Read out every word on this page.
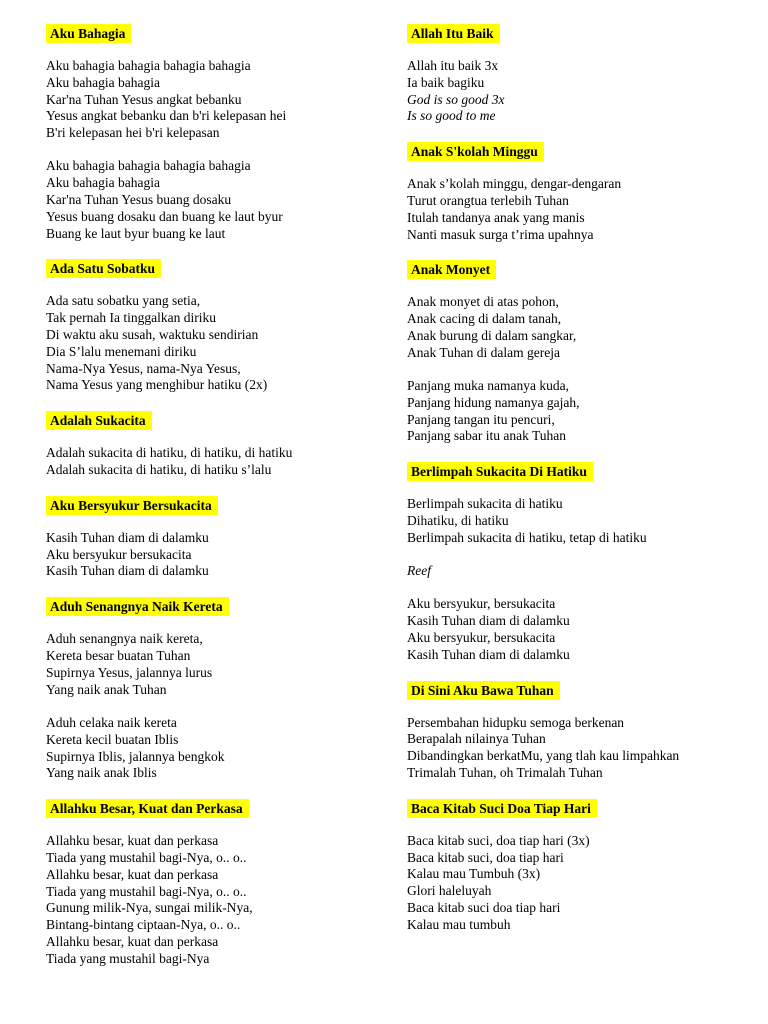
Aku Bahagia
Aku bahagia bahagia bahagia bahagia
Aku bahagia bahagia
Kar'na Tuhan Yesus angkat bebanku
Yesus angkat bebanku dan b'ri kelepasan hei
B'ri kelepasan hei b'ri kelepasan
Aku bahagia bahagia bahagia bahagia
Aku bahagia bahagia
Kar'na Tuhan Yesus buang dosaku
Yesus buang dosaku dan buang ke laut byur
Buang ke laut byur buang ke laut
Ada Satu Sobatku
Ada satu sobatku yang setia,
Tak pernah Ia tinggalkan diriku
Di waktu aku susah, waktuku sendirian
Dia S’lalu menemani diriku
Nama-Nya Yesus, nama-Nya Yesus,
Nama Yesus yang menghibur hatiku (2x)
Adalah Sukacita
Adalah sukacita di hatiku, di hatiku, di hatiku
Adalah sukacita di hatiku, di hatiku s’lalu
Aku Bersyukur Bersukacita
Kasih Tuhan diam di dalamku
Aku bersyukur bersukacita
Kasih Tuhan diam di dalamku
Aduh Senangnya Naik Kereta
Aduh senangnya naik kereta,
Kereta besar buatan Tuhan
Supirnya Yesus, jalannya lurus
Yang naik anak Tuhan
Aduh celaka naik kereta
Kereta kecil buatan Iblis
Supirnya Iblis, jalannya bengkok
Yang naik anak Iblis
Allahku Besar, Kuat dan Perkasa
Allahku besar, kuat dan perkasa
Tiada yang mustahil bagi-Nya, o.. o..
Allahku besar, kuat dan perkasa
Tiada yang mustahil bagi-Nya, o.. o..
Gunung milik-Nya, sungai milik-Nya,
Bintang-bintang ciptaan-Nya, o.. o..
Allahku besar, kuat dan perkasa
Tiada yang mustahil bagi-Nya
Allah Itu Baik
Allah itu baik 3x
Ia baik bagiku
God is so good 3x
Is so good to me
Anak S'kolah Minggu
Anak s’kolah minggu, dengar-dengaran
Turut orangtua terlebih Tuhan
Itulah tandanya anak yang manis
Nanti masuk surga t’rima upahnya
Anak Monyet
Anak monyet di atas pohon,
Anak cacing di dalam tanah,
Anak burung di dalam sangkar,
Anak Tuhan di dalam gereja
Panjang muka namanya kuda,
Panjang hidung namanya gajah,
Panjang tangan itu pencuri,
Panjang sabar itu anak Tuhan
Berlimpah Sukacita Di Hatiku
Berlimpah sukacita di hatiku
Dihatiku, di hatiku
Berlimpah sukacita di hatiku, tetap di hatiku
Reef
Aku bersyukur, bersukacita
Kasih Tuhan diam di dalamku
Aku bersyukur, bersukacita
Kasih Tuhan diam di dalamku
Di Sini Aku Bawa Tuhan
Persembahan hidupku semoga berkenan
Berapalah nilainya Tuhan
Dibandingkan berkatMu, yang tlah kau limpahkan
Trimalah Tuhan, oh Trimalah Tuhan
Baca Kitab Suci Doa Tiap Hari
Baca kitab suci, doa tiap hari (3x)
Baca kitab suci, doa tiap hari
Kalau mau Tumbuh (3x)
Glori haleluyah
Baca kitab suci doa tiap hari
Kalau mau tumbuh
